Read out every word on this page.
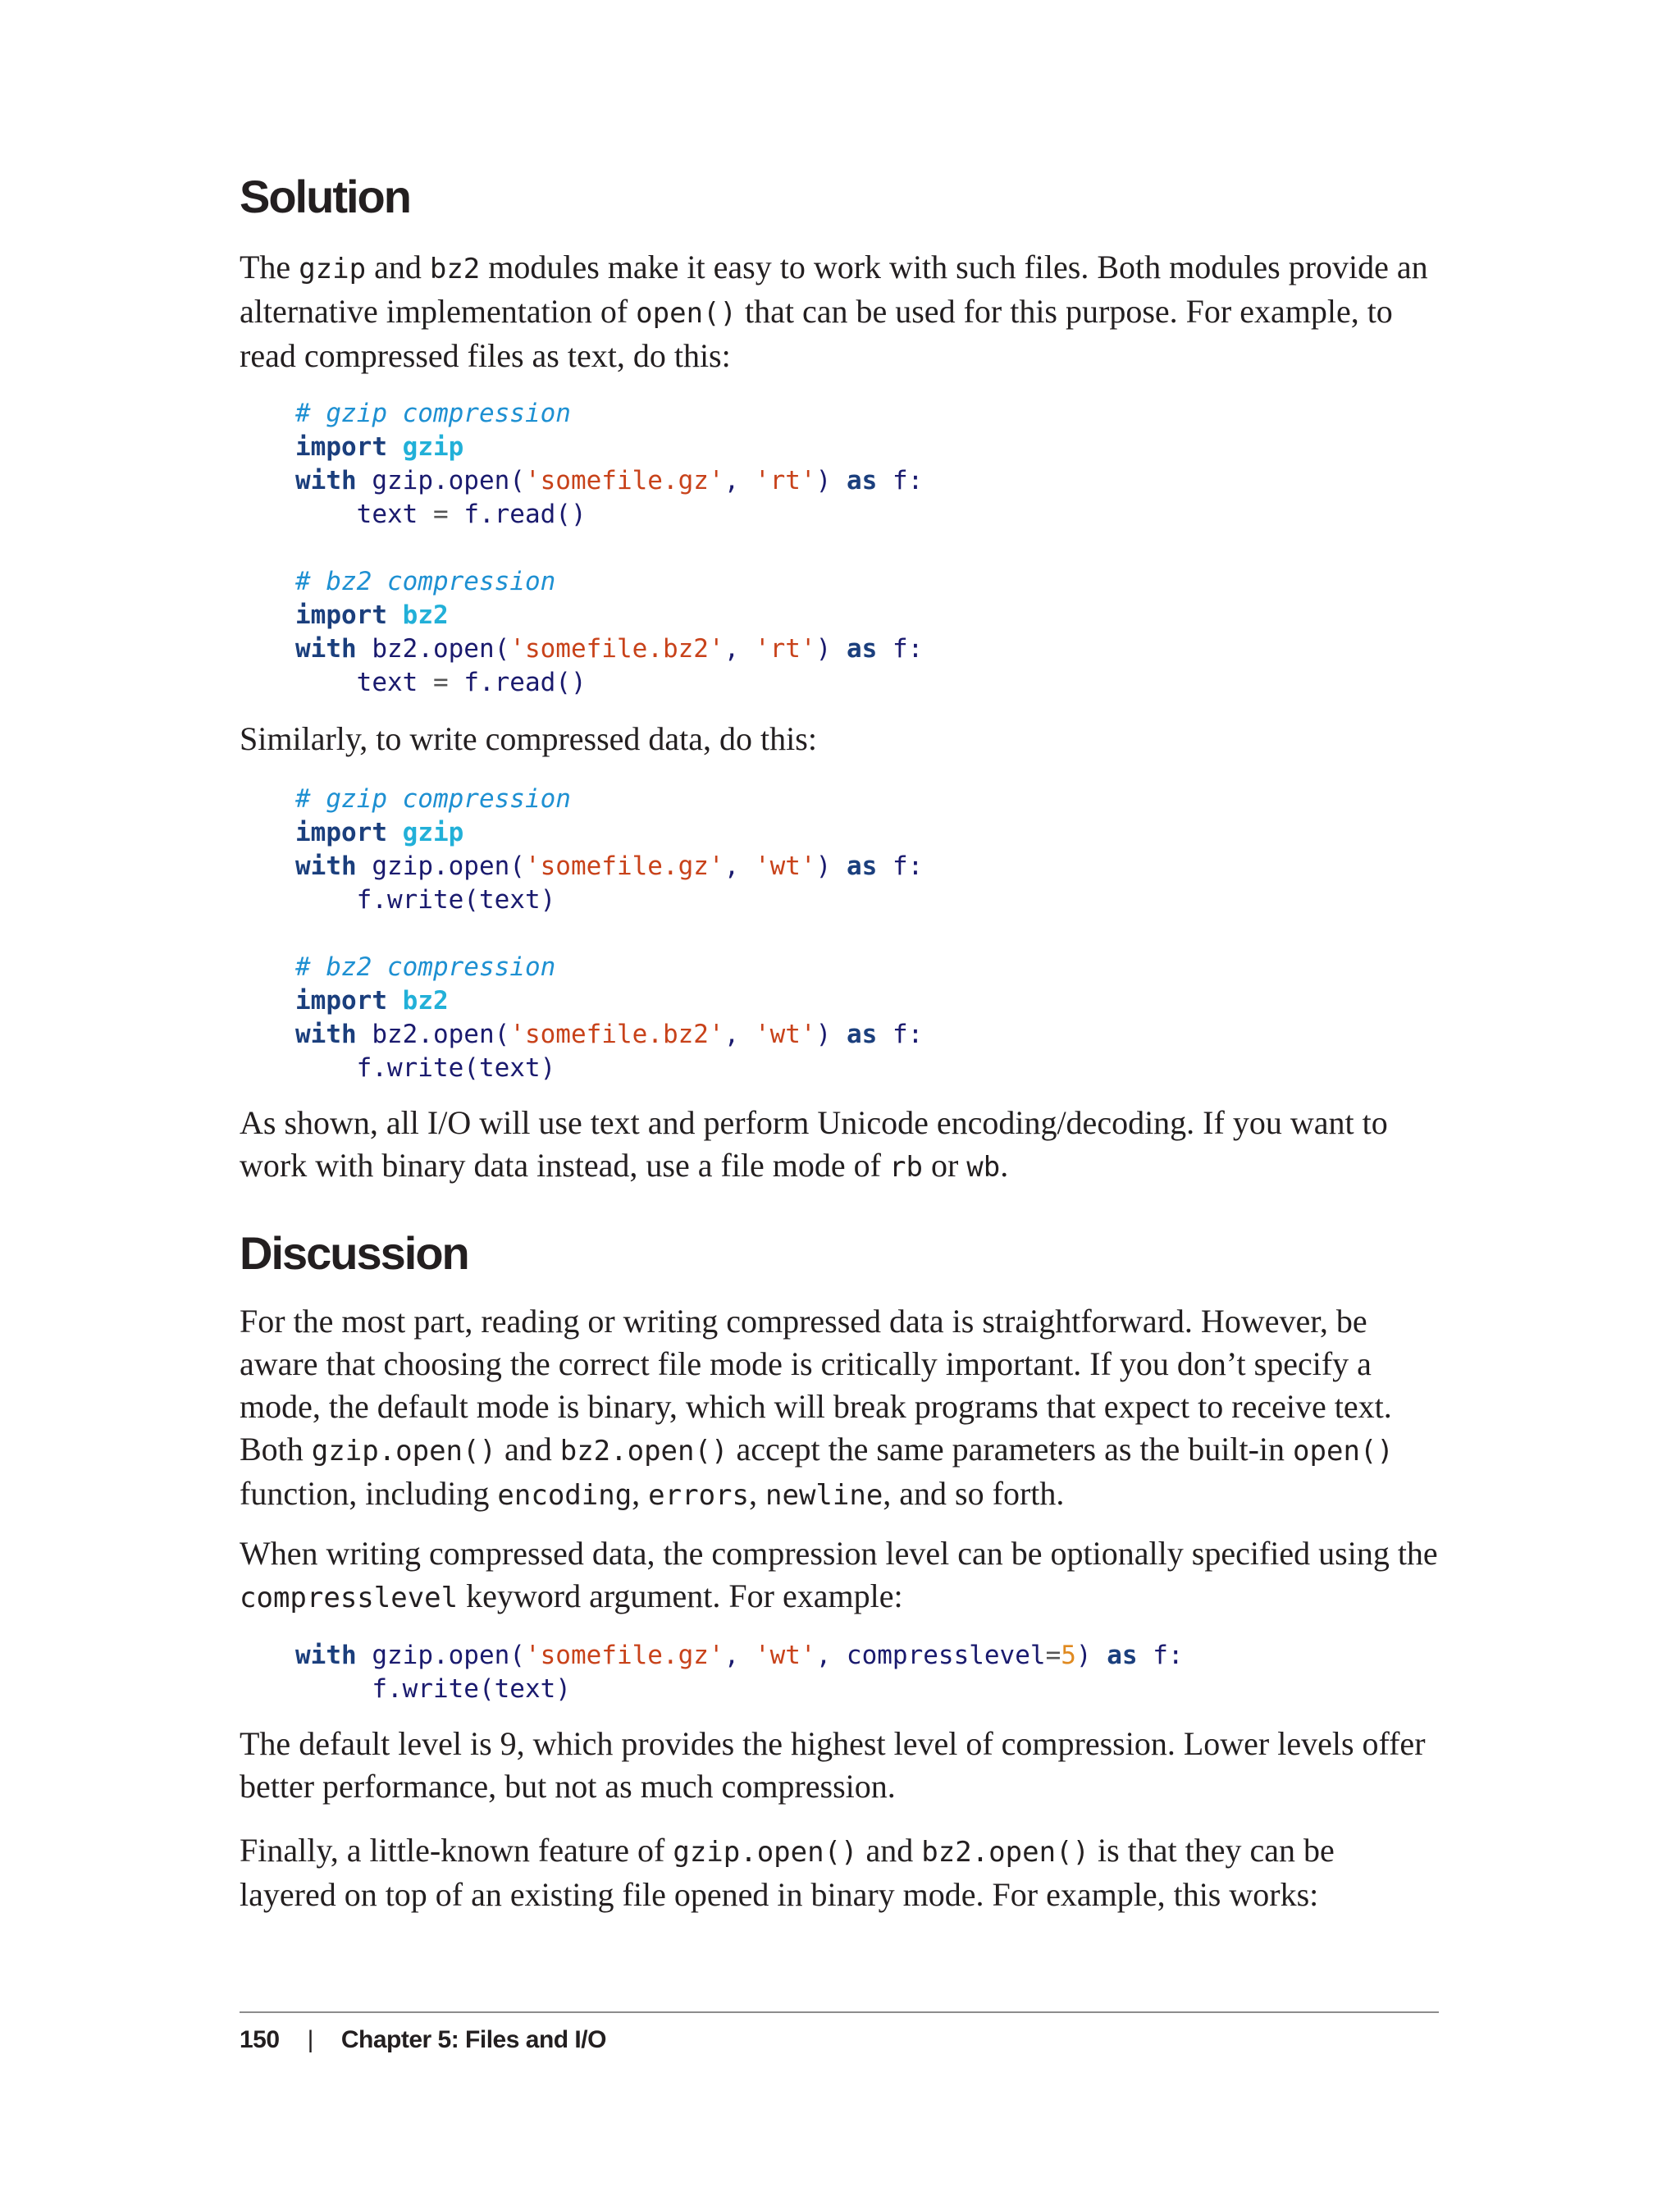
Solution

The gzip and bz2 modules make it easy to work with such files. Both modules provide an alternative implementation of open() that can be used for this purpose. For example, to read compressed files as text, do this:

# gzip compression
import gzip
with gzip.open('somefile.gz', 'rt') as f:
text = f.read()

# bz2 compression
import bz2
with bz2.open('somefile.bz2', 'rt') as f:
text = f.read()

Similarly, to write compressed data, do this:

# gzip compression
import gzip
with gzip.open('somefile.gz', 'wt') as f:
f.write(text)

# bz2 compression
import bz2
with bz2.open('somefile.bz2', 'wt') as f:
f.write(text)

As shown, all I/O will use text and perform Unicode encoding/decoding. If you want to work with binary data instead, use a file mode of rb or wb.

Discussion

For the most part, reading or writing compressed data is straightforward. However, be aware that choosing the correct file mode is critically important. If you don’t specify a mode, the default mode is binary, which will break programs that expect to receive text. Both gzip.open() and bz2.open() accept the same parameters as the built-in open() function, including encoding, errors, newline, and so forth.

When writing compressed data, the compression level can be optionally specified using the compresslevel keyword argument. For example:

with gzip.open('somefile.gz', 'wt', compresslevel=5) as f:
f.write(text)

The default level is 9, which provides the highest level of compression. Lower levels offer better performance, but not as much compression.

Finally, a little-known feature of gzip.open() and bz2.open() is that they can be layered on top of an existing file opened in binary mode. For example, this works:

150 | Chapter 5: Files and I/O
